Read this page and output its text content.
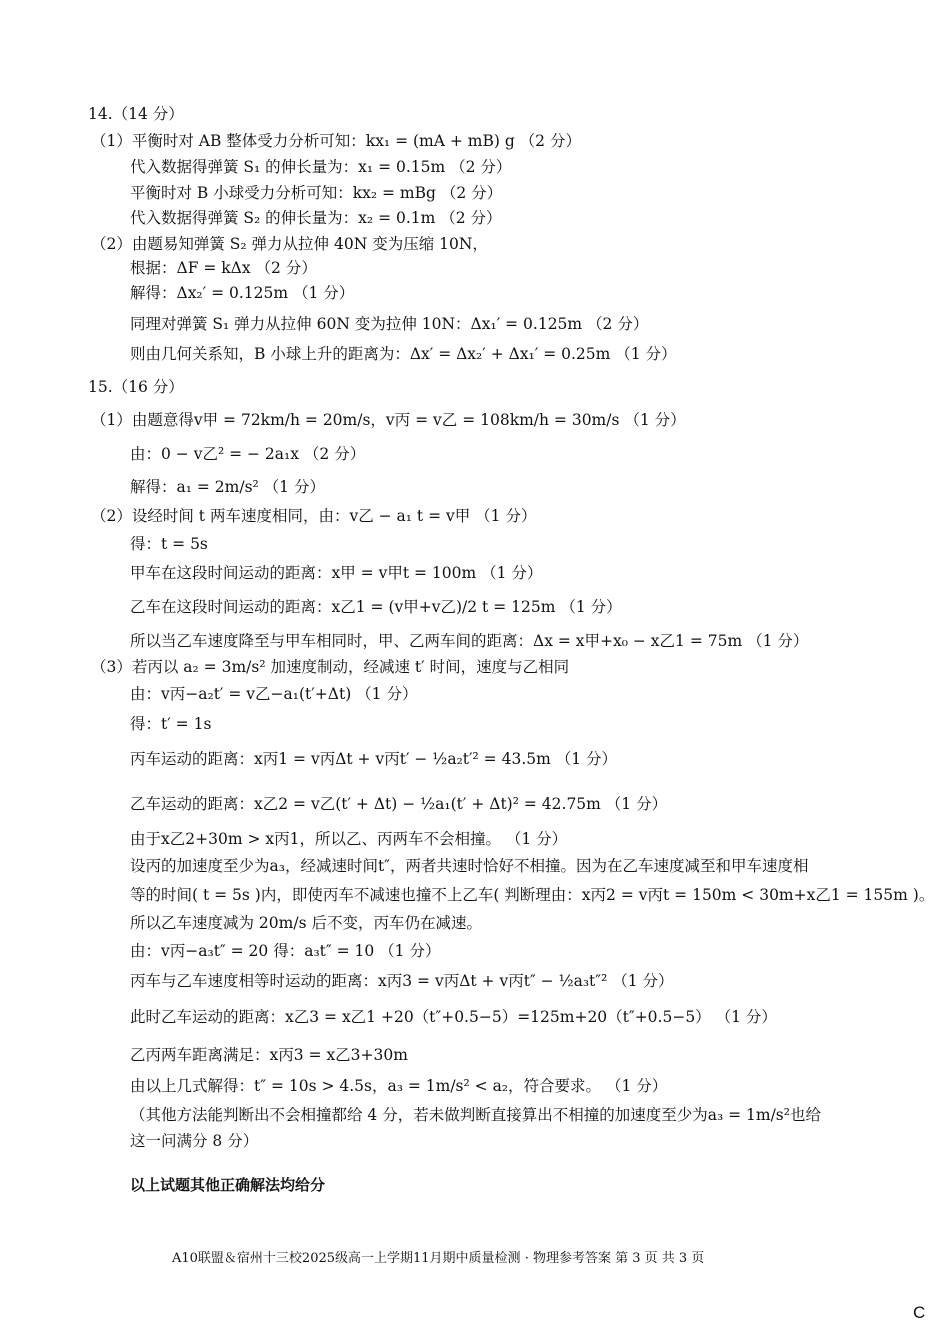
14.（14 分）
（1）平衡时对 AB 整体受力分析可知：kx₁ = (mA + mB) g （2 分）
代入数据得弹簧 S₁ 的伸长量为：x₁ = 0.15m （2 分）
平衡时对 B 小球受力分析可知：kx₂ = mBg （2 分）
代入数据得弹簧 S₂ 的伸长量为：x₂ = 0.1m （2 分）
（2）由题易知弹簧 S₂ 弹力从拉伸 40N 变为压缩 10N，
根据：ΔF = kΔx （2 分）
解得：Δx₂′ = 0.125m （1 分）
同理对弹簧 S₁ 弹力从拉伸 60N 变为拉伸 10N：Δx₁′ = 0.125m （2 分）
则由几何关系知，B 小球上升的距离为：Δx′ = Δx₂′ + Δx₁′ = 0.25m （1 分）
15.（16 分）
（1）由题意得v甲 = 72km/h = 20m/s，v丙 = v乙 = 108km/h = 30m/s （1 分）
由：0 − v乙² = − 2a₁x （2 分）
解得：a₁ = 2m/s² （1 分）
（2）设经时间 t 两车速度相同，由：v乙 − a₁ t = v甲 （1 分）
得：t = 5s
甲车在这段时间运动的距离：x甲 = v甲t = 100m （1 分）
乙车在这段时间运动的距离：x乙1 = (v甲+v乙)/2 t = 125m （1 分）
所以当乙车速度降至与甲车相同时，甲、乙两车间的距离：Δx = x甲+x₀ − x乙1 = 75m （1 分）
（3）若丙以 a₂ = 3m/s² 加速度制动，经减速 t′ 时间，速度与乙相同
由：v丙−a₂t′ = v乙−a₁(t′+Δt) （1 分）
得：t′ = 1s
丙车运动的距离：x丙1 = v丙Δt + v丙t′ − ½a₂t′² = 43.5m （1 分）
乙车运动的距离：x乙2 = v乙(t′ + Δt) − ½a₁(t′ + Δt)² = 42.75m （1 分）
由于x乙2+30m > x丙1，所以乙、丙两车不会相撞。 （1 分）
设丙的加速度至少为a₃，经减速时间t″，两者共速时恰好不相撞。因为在乙车速度减至和甲车速度相
等的时间( t = 5s )内，即使丙车不减速也撞不上乙车( 判断理由：x丙2 = v丙t = 150m < 30m+x乙1 = 155m )。
所以乙车速度减为 20m/s 后不变，丙车仍在减速。
由：v丙−a₃t″ = 20 得：a₃t″ = 10 （1 分）
丙车与乙车速度相等时运动的距离：x丙3 = v丙Δt + v丙t″ − ½a₃t″² （1 分）
此时乙车运动的距离：x乙3 = x乙1 +20（t″+0.5−5）=125m+20（t″+0.5−5） （1 分）
乙丙两车距离满足：x丙3 = x乙3+30m
由以上几式解得：t″ = 10s > 4.5s，a₃ = 1m/s² < a₂，符合要求。 （1 分）
（其他方法能判断出不会相撞都给 4 分，若未做判断直接算出不相撞的加速度至少为a₃ = 1m/s²也给
这一问满分 8 分）
以上试题其他正确解法均给分
A10联盟＆宿州十三校2025级高一上学期11月期中质量检测 · 物理参考答案 第 3 页 共 3 页
C
